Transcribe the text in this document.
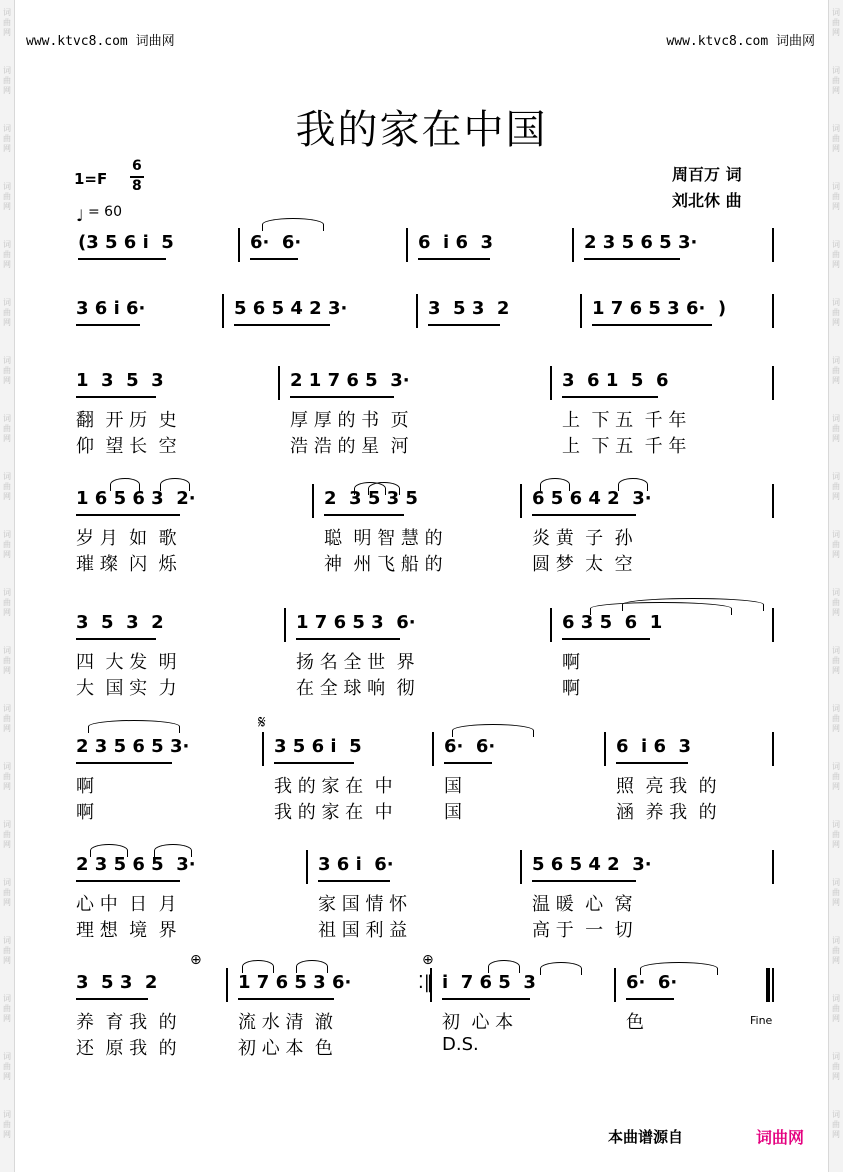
www.ktvc8.com 词曲网	www.ktvc8.com 词曲网
我的家在中国
周百万 词
刘北休 曲
1=F
6
8
♩ = 60
(3 5 6 i  5	6·  6·	6  i 6  3	2 3 5 6 5 3·
3 6 i 6·	5 6 5 4 2 3·	3  5 3  2	1 7 6 5 3 6·  )
1  3  5  3	2 1 7 6 5  3·	3  6 1  5  6
翻  开 历  史	厚 厚 的 书  页	上  下 五  千 年
仰  望 长  空	浩 浩 的 星  河	上  下 五  千 年
1 6 5 6 3  2·	2  3 5 3 5	6 5 6 4 2  3·
岁 月  如  歌	聪  明 智 慧 的	炎 黄  子  孙
璀 璨  闪  烁	神  州 飞 船 的	圆 梦  太  空
3  5  3  2	1 7 6 5 3  6·	6 3 5  6  1
四  大 发  明	扬 名 全 世  界	啊
大  国 实  力	在 全 球 响  彻	啊
2 3 5 6 5 3·	3 5 6 i  5	6·  6·	6  i 6  3
啊	我 的 家 在  中	国	照  亮 我  的
啊	我 的 家 在  中	国	涵  养 我  的
2 3 5 6 5  3·	3 6 i  6·	5 6 5 4 2  3·
心 中  日  月	家 国 情 怀	温 暖  心  窝
理 想  境  界	祖 国 利 益	高 于  一  切
3  5 3  2	1 7 6 5 3 6·	i  7 6 5  3	6·  6·
养  育 我  的	流 水 清  澈	初  心 本	色
还  原 我  的	初 心 本  色	D.S.
𝄋
⊕	⊕
Fine
⁚‖
本曲谱源自	词曲网
词
曲
网
词
曲
网
词
曲
网
词
曲
网
词
曲
网
词
曲
网
词
曲
网
词
曲
网
词
曲
网
词
曲
网
词
曲
网
词
曲
网
词
曲
网
词
曲
网
词
曲
网
词
曲
网
词
曲
网
词
曲
网
词
曲
网
词
曲
网
词
曲
网
词
曲
网
词
曲
网
词
曲
网
词
曲
网
词
曲
网
词
曲
网
词
曲
网
词
曲
网
词
曲
网
词
曲
网
词
曲
网
词
曲
网
词
曲
网
词
曲
网
词
曲
网
词
曲
网
词
曲
网
词
曲
网
词
曲
网
